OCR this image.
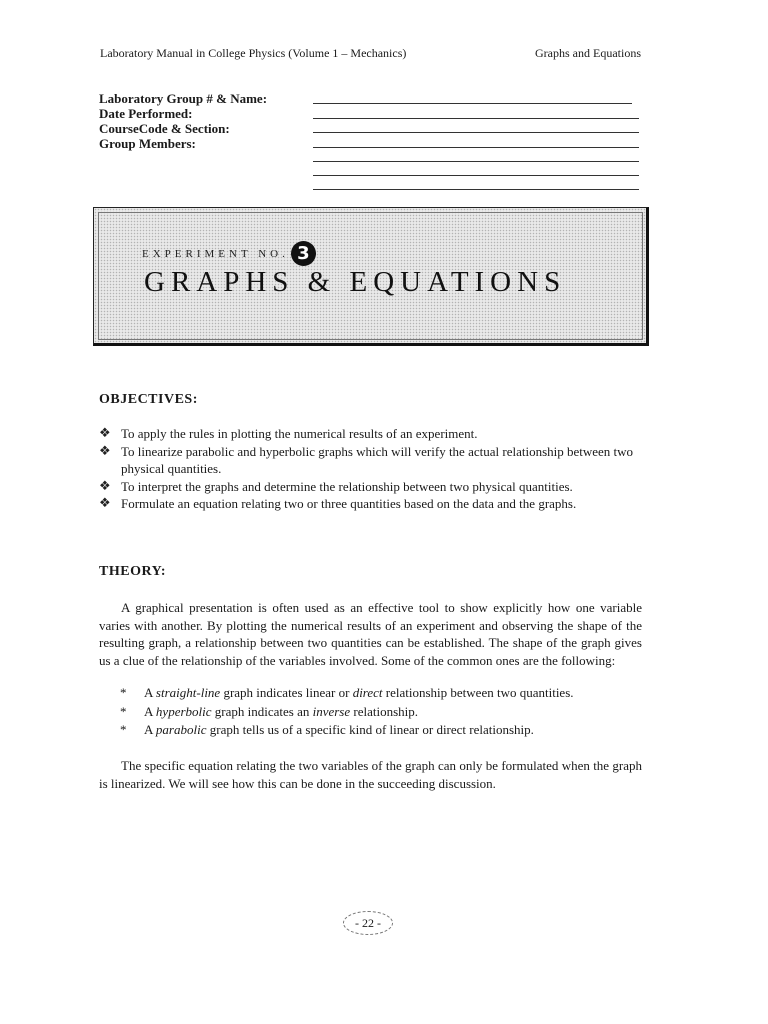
Laboratory Manual in College Physics (Volume 1 – Mechanics)	Graphs and Equations
Laboratory Group # & Name:
Date Performed:
CourseCode & Section:
Group Members:
EXPERIMENT NO. 3
GRAPHS & EQUATIONS
OBJECTIVES:
❖ To apply the rules in plotting the numerical results of an experiment.
❖ To linearize parabolic and hyperbolic graphs which will verify the actual relationship between two physical quantities.
❖ To interpret the graphs and determine the relationship between two physical quantities.
❖ Formulate an equation relating two or three quantities based on the data and the graphs.
THEORY:

A graphical presentation is often used as an effective tool to show explicitly how one variable varies with another. By plotting the numerical results of an experiment and observing the shape of the resulting graph, a relationship between two quantities can be established. The shape of the graph gives us a clue of the relationship of the variables involved. Some of the common ones are the following:

* A straight-line graph indicates linear or direct relationship between two quantities.
* A hyperbolic graph indicates an inverse relationship.
* A parabolic graph tells us of a specific kind of linear or direct relationship.

The specific equation relating the two variables of the graph can only be formulated when the graph is linearized. We will see how this can be done in the succeeding discussion.

- 22 -
